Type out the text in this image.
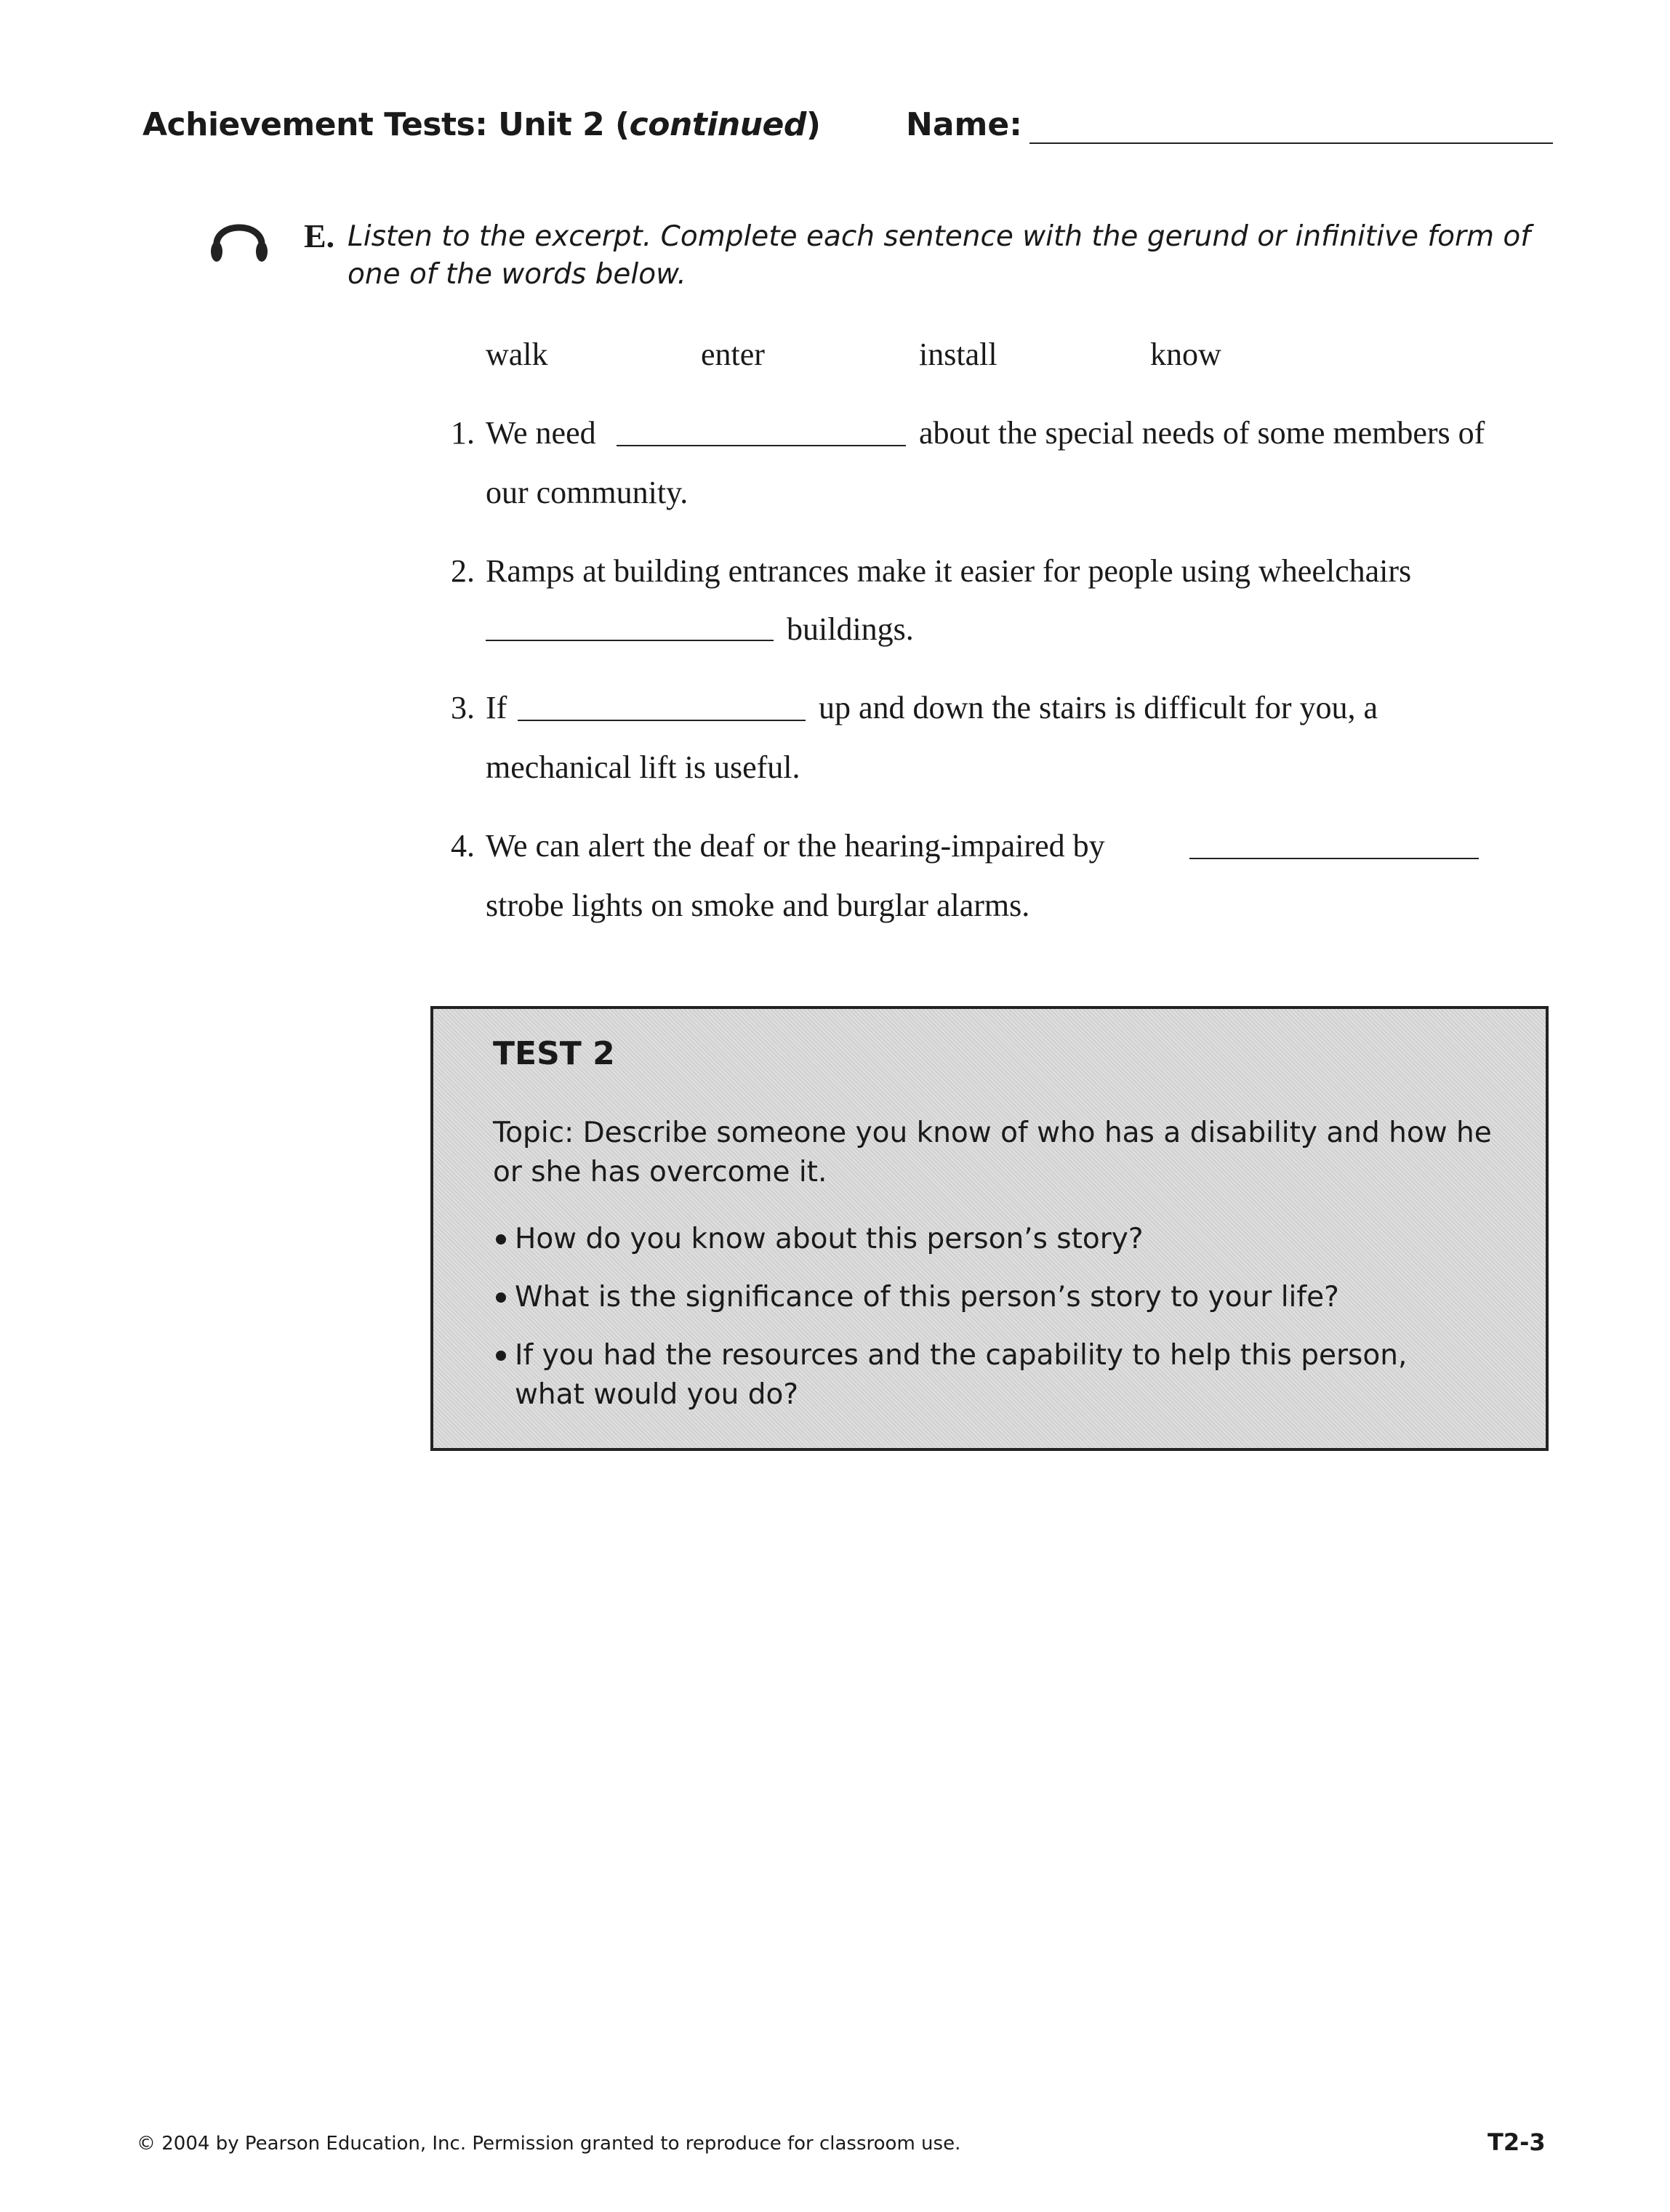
Achievement Tests: Unit 2 (continued)	Name:
E. Listen to the excerpt. Complete each sentence with the gerund or infinitive form of one of the words below.
walk	enter	install	know
1. We need	about the special needs of some members of
our community.
2. Ramps at building entrances make it easier for people using wheelchairs
buildings.
3. If	up and down the stairs is difficult for you, a
mechanical lift is useful.
4. We can alert the deaf or the hearing-impaired by
strobe lights on smoke and burglar alarms.
TEST 2
Topic: Describe someone you know of who has a disability and how he or she has overcome it.
How do you know about this person’s story?
What is the significance of this person’s story to your life?
If you had the resources and the capability to help this person, what would you do?
© 2004 by Pearson Education, Inc. Permission granted to reproduce for classroom use.	T2-3
